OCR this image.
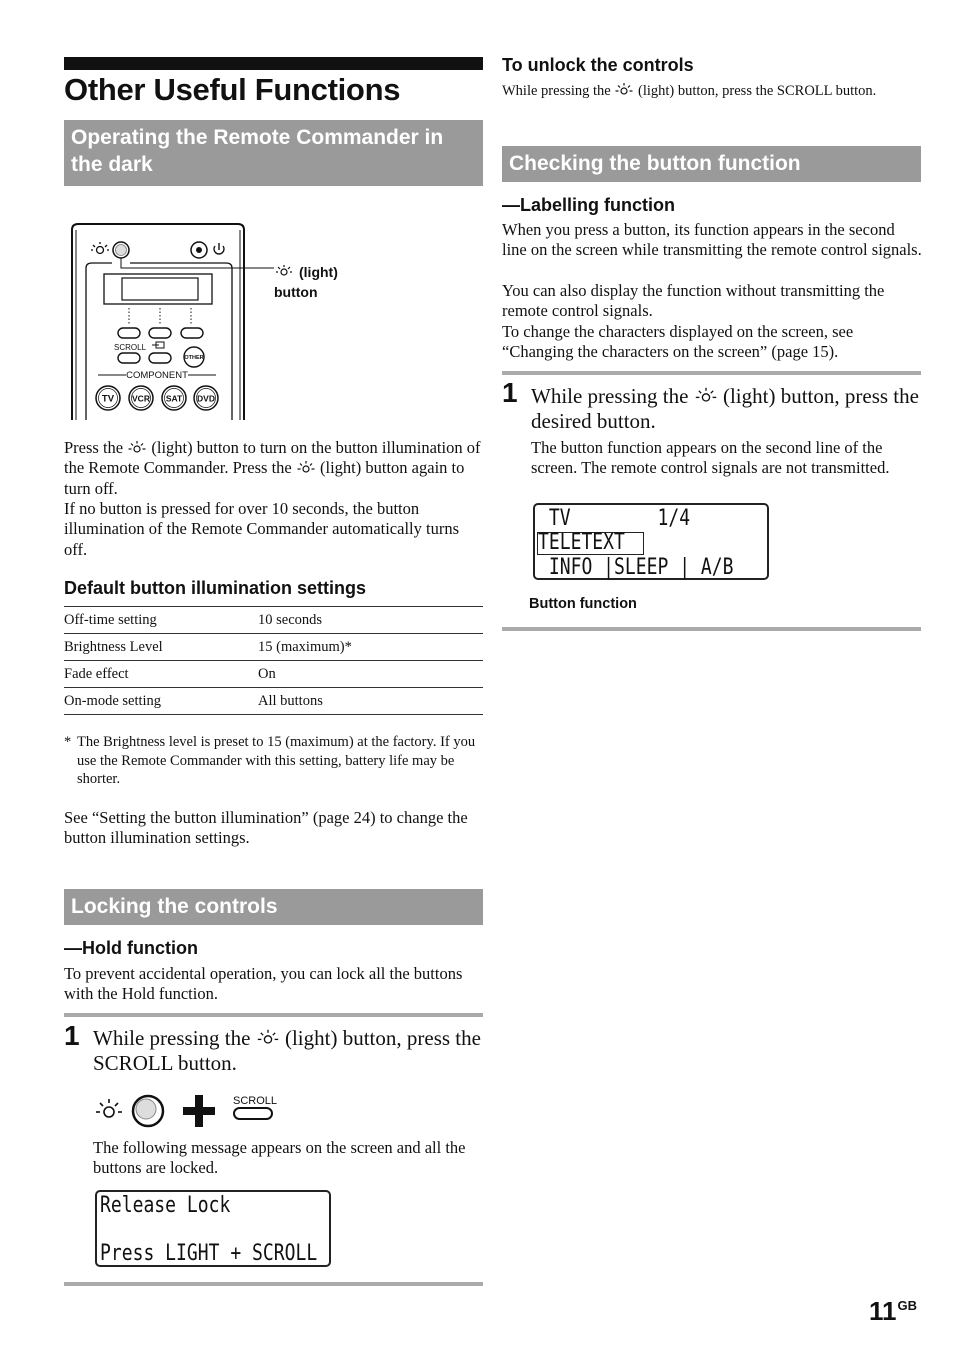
Other Useful Functions
Operating the Remote Commander in the dark
SCROLL
OTHER
COMPONENT
TV VCR SAT DVD
(light)
button
Press the (light) button to turn on the button illumination of the Remote Commander. Press the (light) button again to turn off.
If no button is pressed for over 10 seconds, the button illumination of the Remote Commander automatically turns off.
Default button illumination settings
Off-time setting	10 seconds
Brightness Level	15 (maximum)*
Fade effect	On
On-mode setting	All buttons
* The Brightness level is preset to 15 (maximum) at the factory. If you use the Remote Commander with this setting, battery life may be shorter.
See “Setting the button illumination” (page 24) to change the button illumination settings.
Locking the controls
—Hold function
To prevent accidental operation, you can lock all the buttons with the Hold function.
1 While pressing the (light) button, press the SCROLL button.
SCROLL
The following message appears on the screen and all the buttons are locked.
Release Lock
Press LIGHT + SCROLL
To unlock the controls
While pressing the (light) button, press the SCROLL button.
Checking the button function
—Labelling function
When you press a button, its function appears in the second line on the screen while transmitting the remote control signals.
You can also display the function without transmitting the remote control signals.
To change the characters displayed on the screen, see “Changing the characters on the screen” (page 15).
1 While pressing the (light) button, press the desired button.
The button function appears on the second line of the screen. The remote control signals are not transmitted.
TV        1/4
TELETEXT
INFO |SLEEP | A/B
Button function
$11^{GB}$
